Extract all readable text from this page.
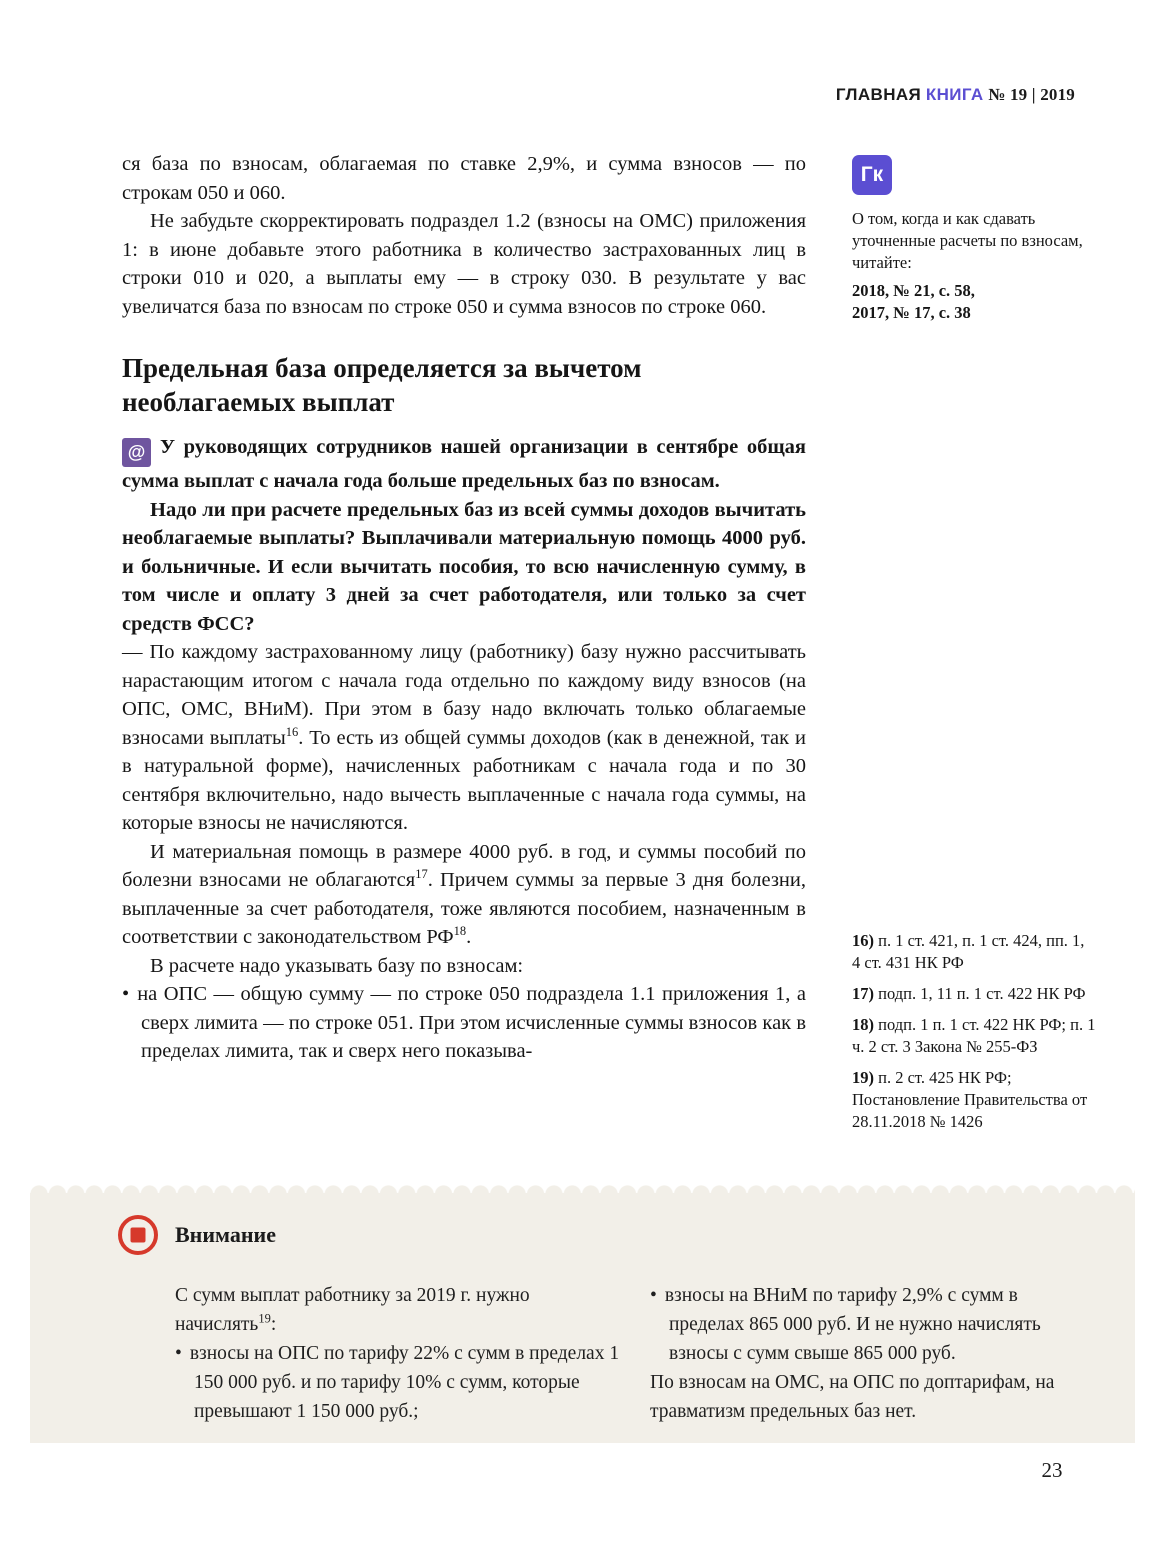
ГЛАВНАЯ КНИГА № 19 | 2019

ся база по взносам, облагаемая по ставке 2,9%, и сумма взносов — по строкам 050 и 060.

Не забудьте скорректировать подраздел 1.2 (взносы на ОМС) приложения 1: в июне добавьте этого работника в количество застрахованных лиц в строки 010 и 020, а выплаты ему — в строку 030. В результате у вас увеличатся база по взносам по строке 050 и сумма взносов по строке 060.

Предельная база определяется за вычетом необлагаемых выплат

@ У руководящих сотрудников нашей организации в сентябре общая сумма выплат с начала года больше предельных баз по взносам.

Надо ли при расчете предельных баз из всей суммы доходов вычитать необлагаемые выплаты? Выплачивали материальную помощь 4000 руб. и больничные. И если вычитать пособия, то всю начисленную сумму, в том числе и оплату 3 дней за счет работодателя, или только за счет средств ФСС?

— По каждому застрахованному лицу (работнику) базу нужно рассчитывать нарастающим итогом с начала года отдельно по каждому виду взносов (на ОПС, ОМС, ВНиМ). При этом в базу надо включать только облагаемые взносами выплаты$^{16}$. То есть из общей суммы доходов (как в денежной, так и в натуральной форме), начисленных работникам с начала года и по 30 сентября включительно, надо вычесть выплаченные с начала года суммы, на которые взносы не начисляются.

И материальная помощь в размере 4000 руб. в год, и суммы пособий по болезни взносами не облагаются$^{17}$. Причем суммы за первые 3 дня болезни, выплаченные за счет работодателя, тоже являются пособием, назначенным в соответствии с законодательством РФ$^{18}$.

В расчете надо указывать базу по взносам:

• на ОПС — общую сумму — по строке 050 подраздела 1.1 приложения 1, а сверх лимита — по строке 051. При этом исчисленные суммы взносов как в пределах лимита, так и сверх него показыва-
Гк

О том, когда и как сдавать уточненные расчеты по взносам, читайте:

2018, № 21, с. 58,
2017, № 17, с. 38

16) п. 1 ст. 421, п. 1 ст. 424, пп. 1, 4 ст. 431 НК РФ

17) подп. 1, 11 п. 1 ст. 422 НК РФ

18) подп. 1 п. 1 ст. 422 НК РФ; п. 1 ч. 2 ст. 3 Закона № 255-ФЗ

19) п. 2 ст. 425 НК РФ; Постановление Правительства от 28.11.2018 № 1426

Внимание

С сумм выплат работнику за 2019 г. нужно начислять$^{19}$:

• взносы на ОПС по тарифу 22% с сумм в пределах 1 150 000 руб. и по тарифу 10% с сумм, которые превышают 1 150 000 руб.;
• взносы на ВНиМ по тарифу 2,9% с сумм в пределах 865 000 руб. И не нужно начислять взносы с сумм свыше 865 000 руб.

По взносам на ОМС, на ОПС по доптарифам, на травматизм предельных баз нет.

23
